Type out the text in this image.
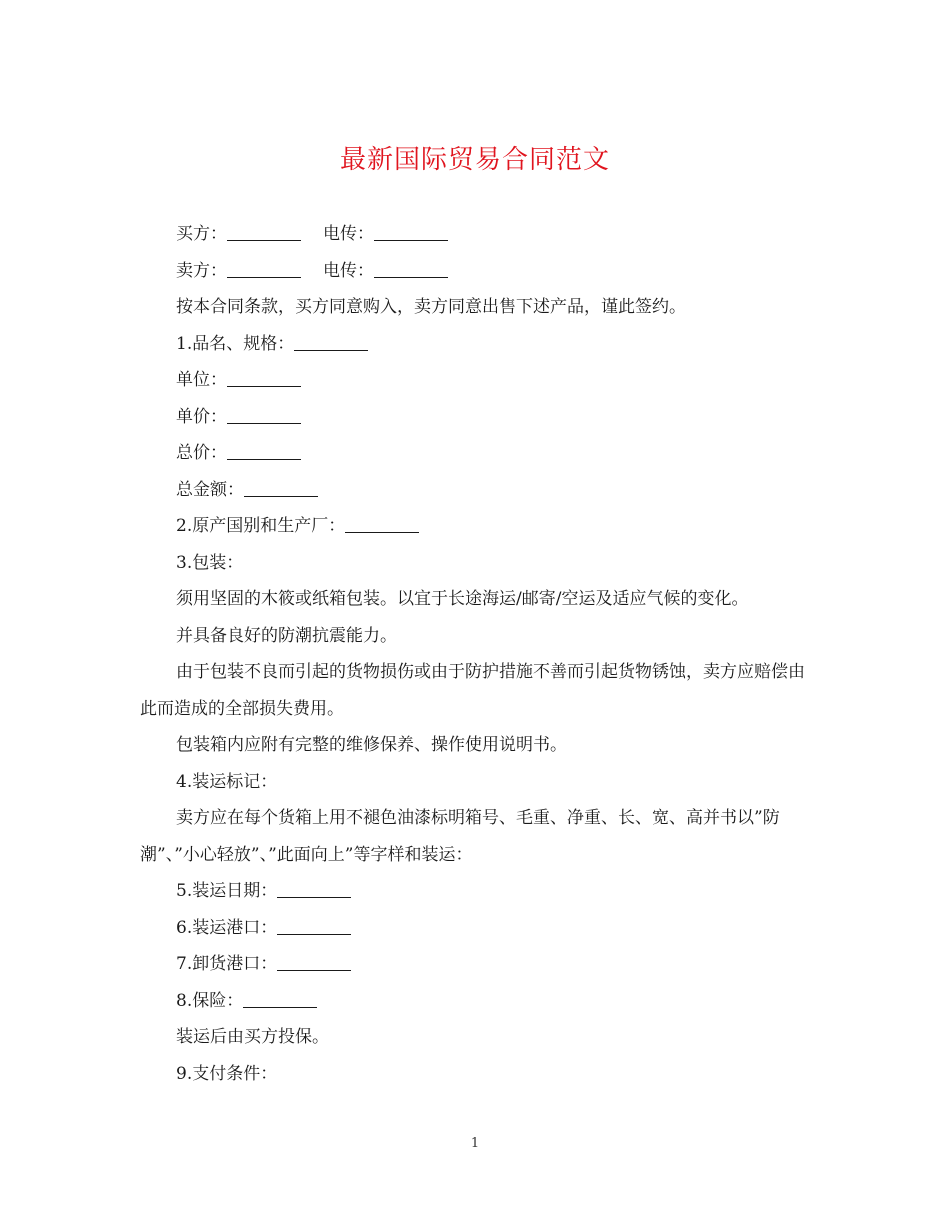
最新国际贸易合同范文

买方：	电传：

卖方：	电传：

按本合同条款，买方同意购入，卖方同意出售下述产品，谨此签约。

1.品名、规格：

单位：

单价：

总价：

总金额：

2.原产国别和生产厂：

3.包装：

须用坚固的木筱或纸箱包装。以宜于长途海运/邮寄/空运及适应气候的变化。

并具备良好的防潮抗震能力。

由于包装不良而引起的货物损伤或由于防护措施不善而引起货物锈蚀，卖方应赔偿由此而造成的全部损失费用。

包装箱内应附有完整的维修保养、操作使用说明书。

4.装运标记：

卖方应在每个货箱上用不褪色油漆标明箱号、毛重、净重、长、宽、高并书以”防潮”、”小心轻放”、”此面向上”等字样和装运：

5.装运日期：

6.装运港口：

7.卸货港口：

8.保险：

装运后由买方投保。

9.支付条件：

1
